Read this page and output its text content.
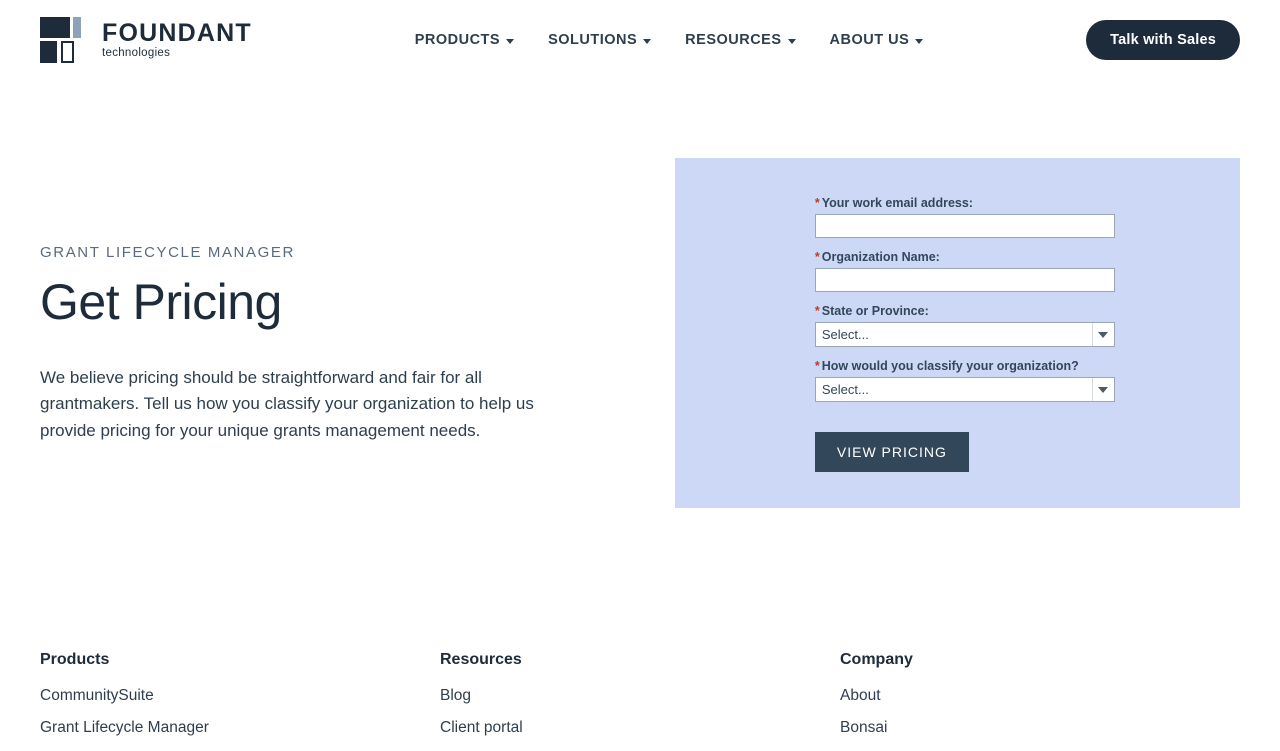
FOUNDANT
technologies
PRODUCTS	SOLUTIONS	RESOURCES	ABOUT US	Talk with Sales

GRANT LIFECYCLE MANAGER

Get Pricing

We believe pricing should be straightforward and fair for all grantmakers. Tell us how you classify your organization to help us provide pricing for your unique grants management needs.

* Your work email address:
* Organization Name:
* State or Province:
Select...
* How would you classify your organization?
Select...
VIEW PRICING
Products
CommunitySuite
Grant Lifecycle Manager
Resources
Blog
Client portal
Company
About
Bonsai
